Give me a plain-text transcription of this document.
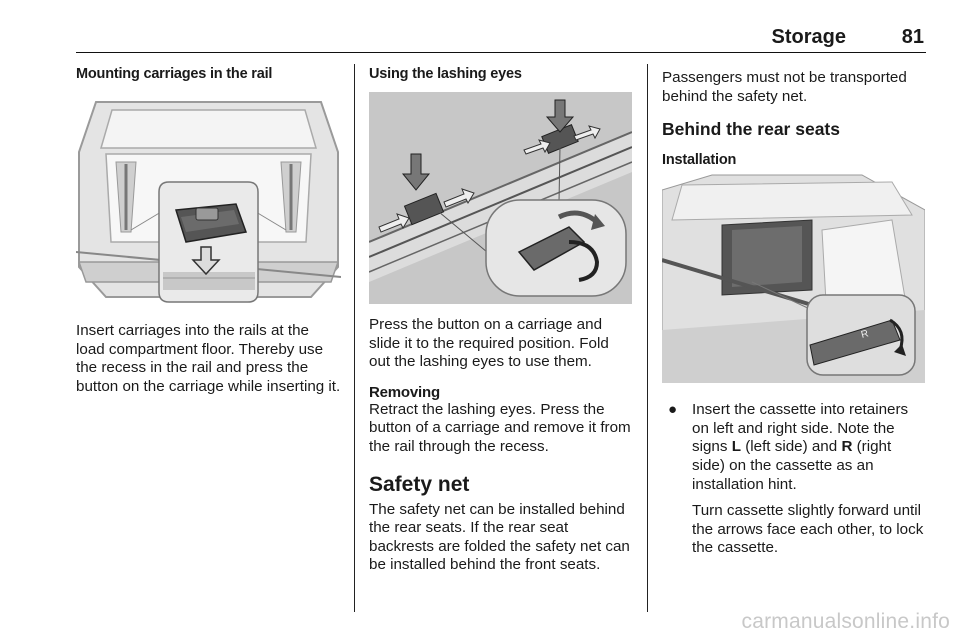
Storage	81

Mounting carriages in the rail

Insert carriages into the rails at the load compartment floor. Thereby use the recess in the rail and press the button on the carriage while inserting it.

Using the lashing eyes

Press the button on a carriage and slide it to the required position. Fold out the lashing eyes to use them.

Removing

Retract the lashing eyes. Press the button of a carriage and remove it from the rail through the recess.

Safety net

The safety net can be installed behind the rear seats. If the rear seat backrests are folded the safety net can be installed behind the front seats.

Passengers must not be transported behind the safety net.

Behind the rear seats

Installation

R
● Insert the cassette into retainers on left and right side. Note the signs L (left side) and R (right side) on the cassette as an installation hint.

Turn cassette slightly forward until the arrows face each other, to lock the cassette.

carmanualsonline.info
